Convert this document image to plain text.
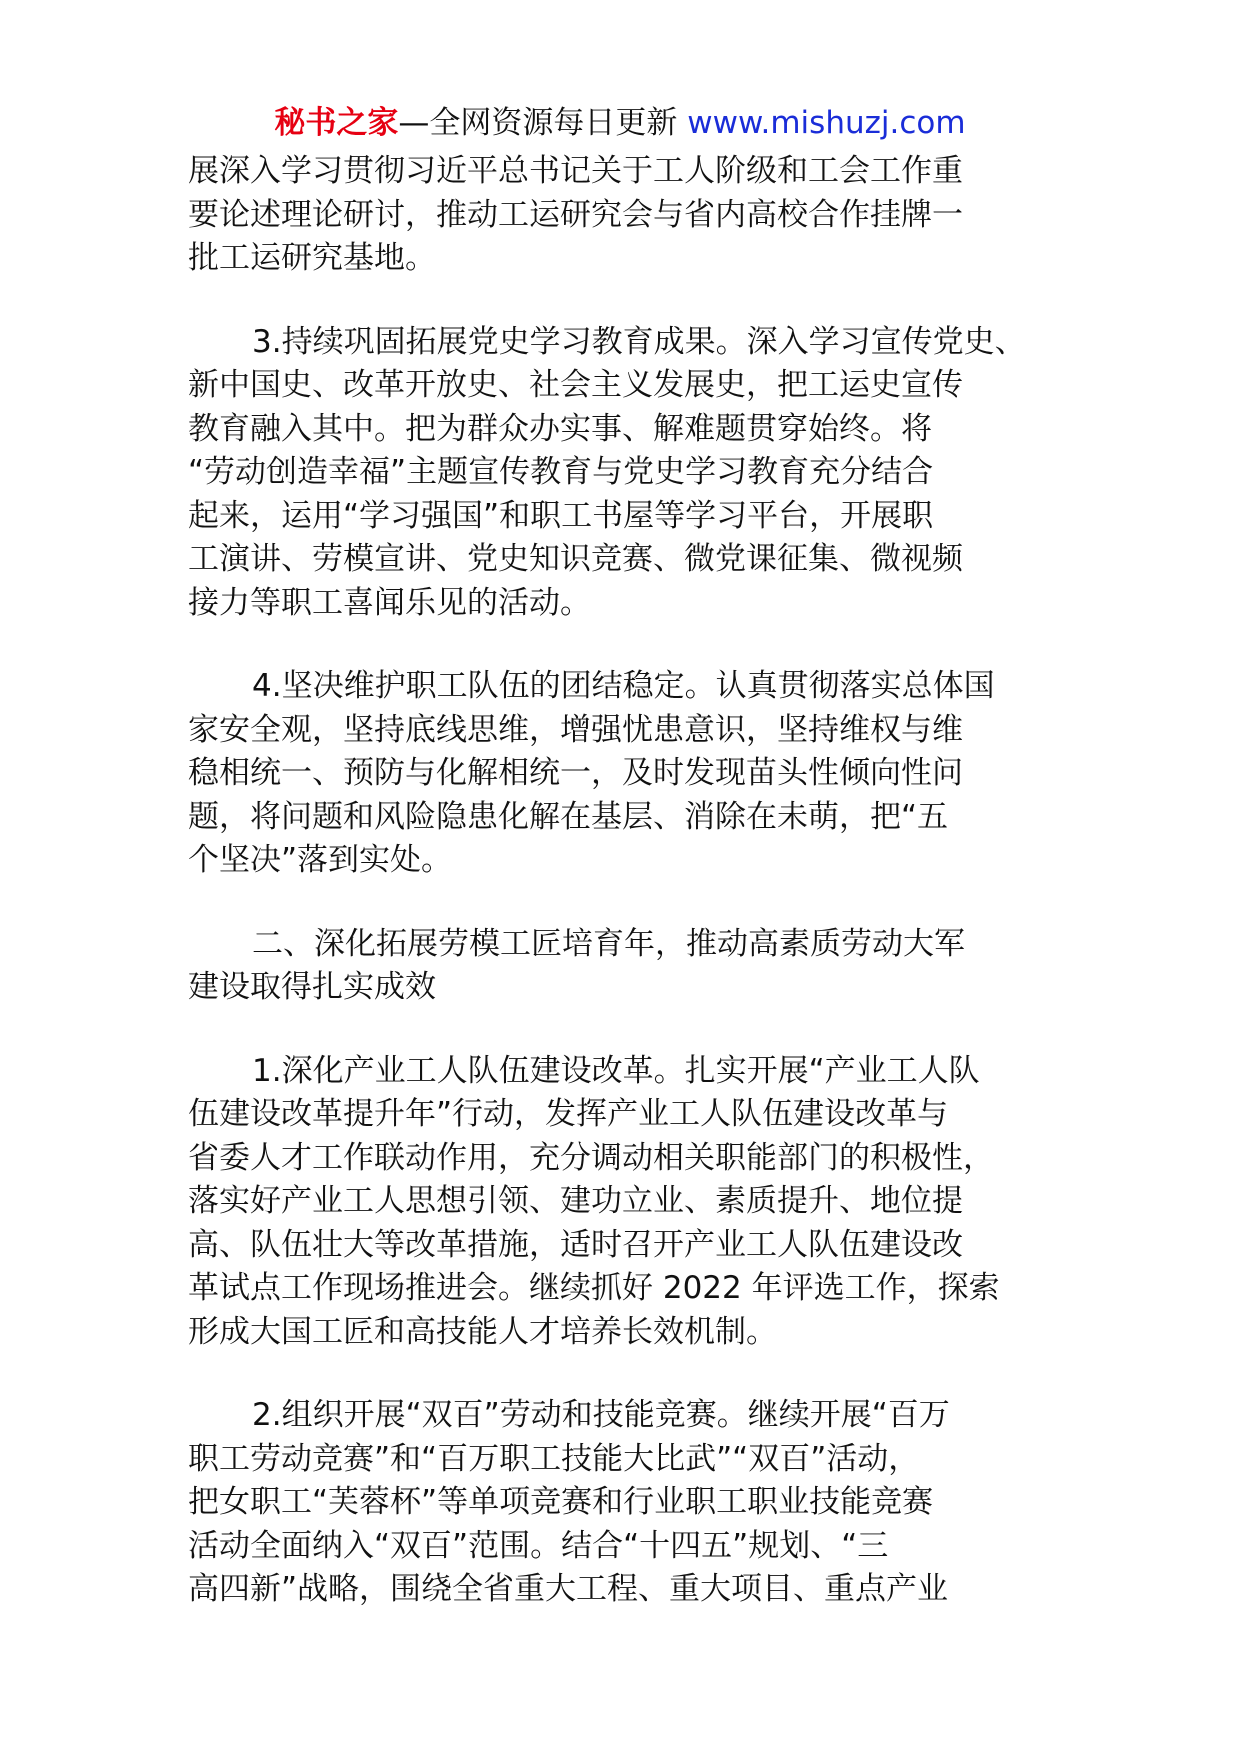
秘书之家—全网资源每日更新 www.mishuzj.com
展深入学习贯彻习近平总书记关于工人阶级和工会工作重
要论述理论研讨，推动工运研究会与省内高校合作挂牌一
批工运研究基地。
3.持续巩固拓展党史学习教育成果。深入学习宣传党史、
新中国史、改革开放史、社会主义发展史，把工运史宣传
教育融入其中。把为群众办实事、解难题贯穿始终。将
“劳动创造幸福”主题宣传教育与党史学习教育充分结合
起来，运用“学习强国”和职工书屋等学习平台，开展职
工演讲、劳模宣讲、党史知识竞赛、微党课征集、微视频
接力等职工喜闻乐见的活动。
4.坚决维护职工队伍的团结稳定。认真贯彻落实总体国
家安全观，坚持底线思维，增强忧患意识，坚持维权与维
稳相统一、预防与化解相统一，及时发现苗头性倾向性问
题，将问题和风险隐患化解在基层、消除在未萌，把“五
个坚决”落到实处。
二、深化拓展劳模工匠培育年，推动高素质劳动大军
建设取得扎实成效
1.深化产业工人队伍建设改革。扎实开展“产业工人队
伍建设改革提升年”行动，发挥产业工人队伍建设改革与
省委人才工作联动作用，充分调动相关职能部门的积极性，
落实好产业工人思想引领、建功立业、素质提升、地位提
高、队伍壮大等改革措施，适时召开产业工人队伍建设改
革试点工作现场推进会。继续抓好 2022 年评选工作，探索
形成大国工匠和高技能人才培养长效机制。
2.组织开展“双百”劳动和技能竞赛。继续开展“百万
职工劳动竞赛”和“百万职工技能大比武”“双百”活动，
把女职工“芙蓉杯”等单项竞赛和行业职工职业技能竞赛
活动全面纳入“双百”范围。结合“十四五”规划、“三
高四新”战略，围绕全省重大工程、重大项目、重点产业
